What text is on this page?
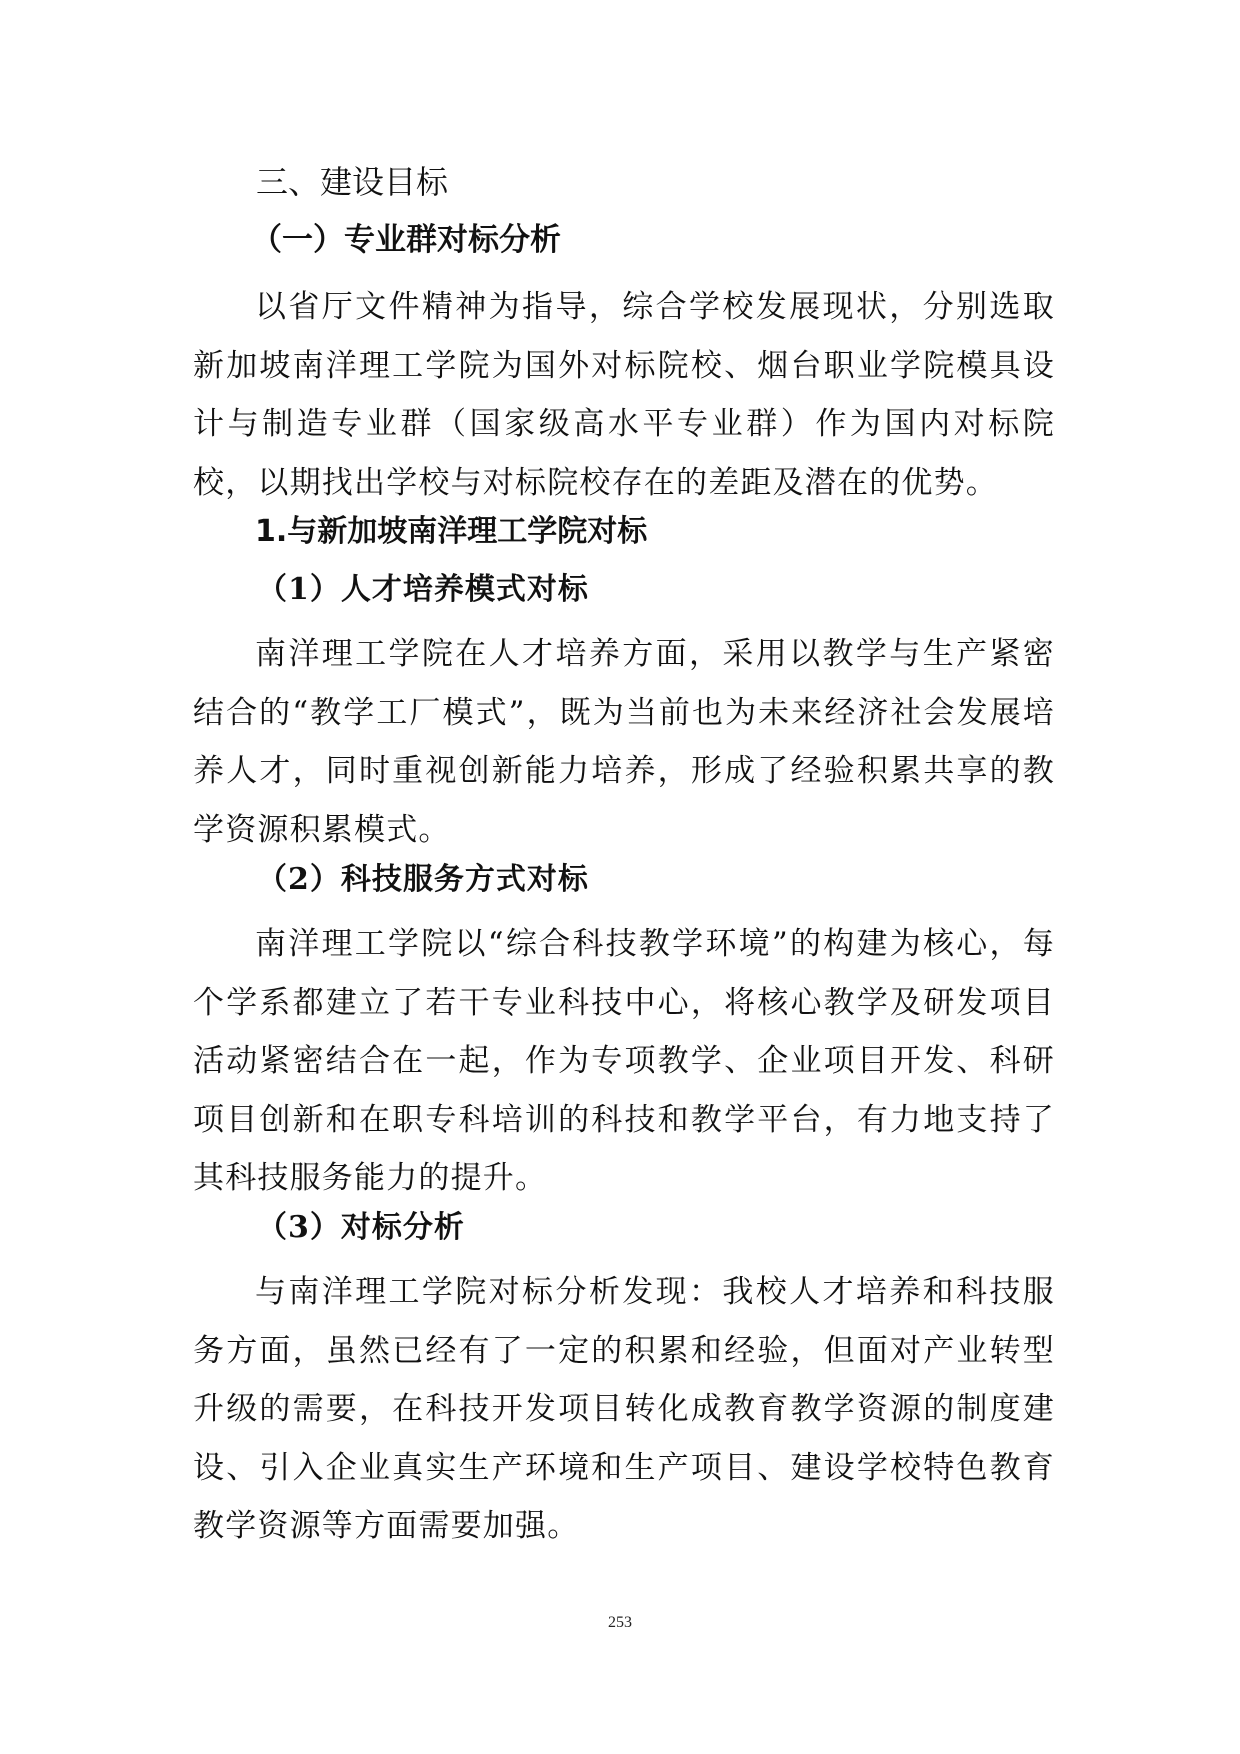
三、建设目标
（一）专业群对标分析

以省厅文件精神为指导，综合学校发展现状，分别选取新加坡南洋理工学院为国外对标院校、烟台职业学院模具设计与制造专业群（国家级高水平专业群）作为国内对标院校，以期找出学校与对标院校存在的差距及潜在的优势。

1.与新加坡南洋理工学院对标
（1）人才培养模式对标

南洋理工学院在人才培养方面，采用以教学与生产紧密结合的“教学工厂模式”，既为当前也为未来经济社会发展培养人才，同时重视创新能力培养，形成了经验积累共享的教学资源积累模式。

（2）科技服务方式对标

南洋理工学院以“综合科技教学环境”的构建为核心，每个学系都建立了若干专业科技中心，将核心教学及研发项目活动紧密结合在一起，作为专项教学、企业项目开发、科研项目创新和在职专科培训的科技和教学平台，有力地支持了其科技服务能力的提升。

（3）对标分析

与南洋理工学院对标分析发现：我校人才培养和科技服务方面，虽然已经有了一定的积累和经验，但面对产业转型升级的需要，在科技开发项目转化成教育教学资源的制度建设、引入企业真实生产环境和生产项目、建设学校特色教育教学资源等方面需要加强。

253
